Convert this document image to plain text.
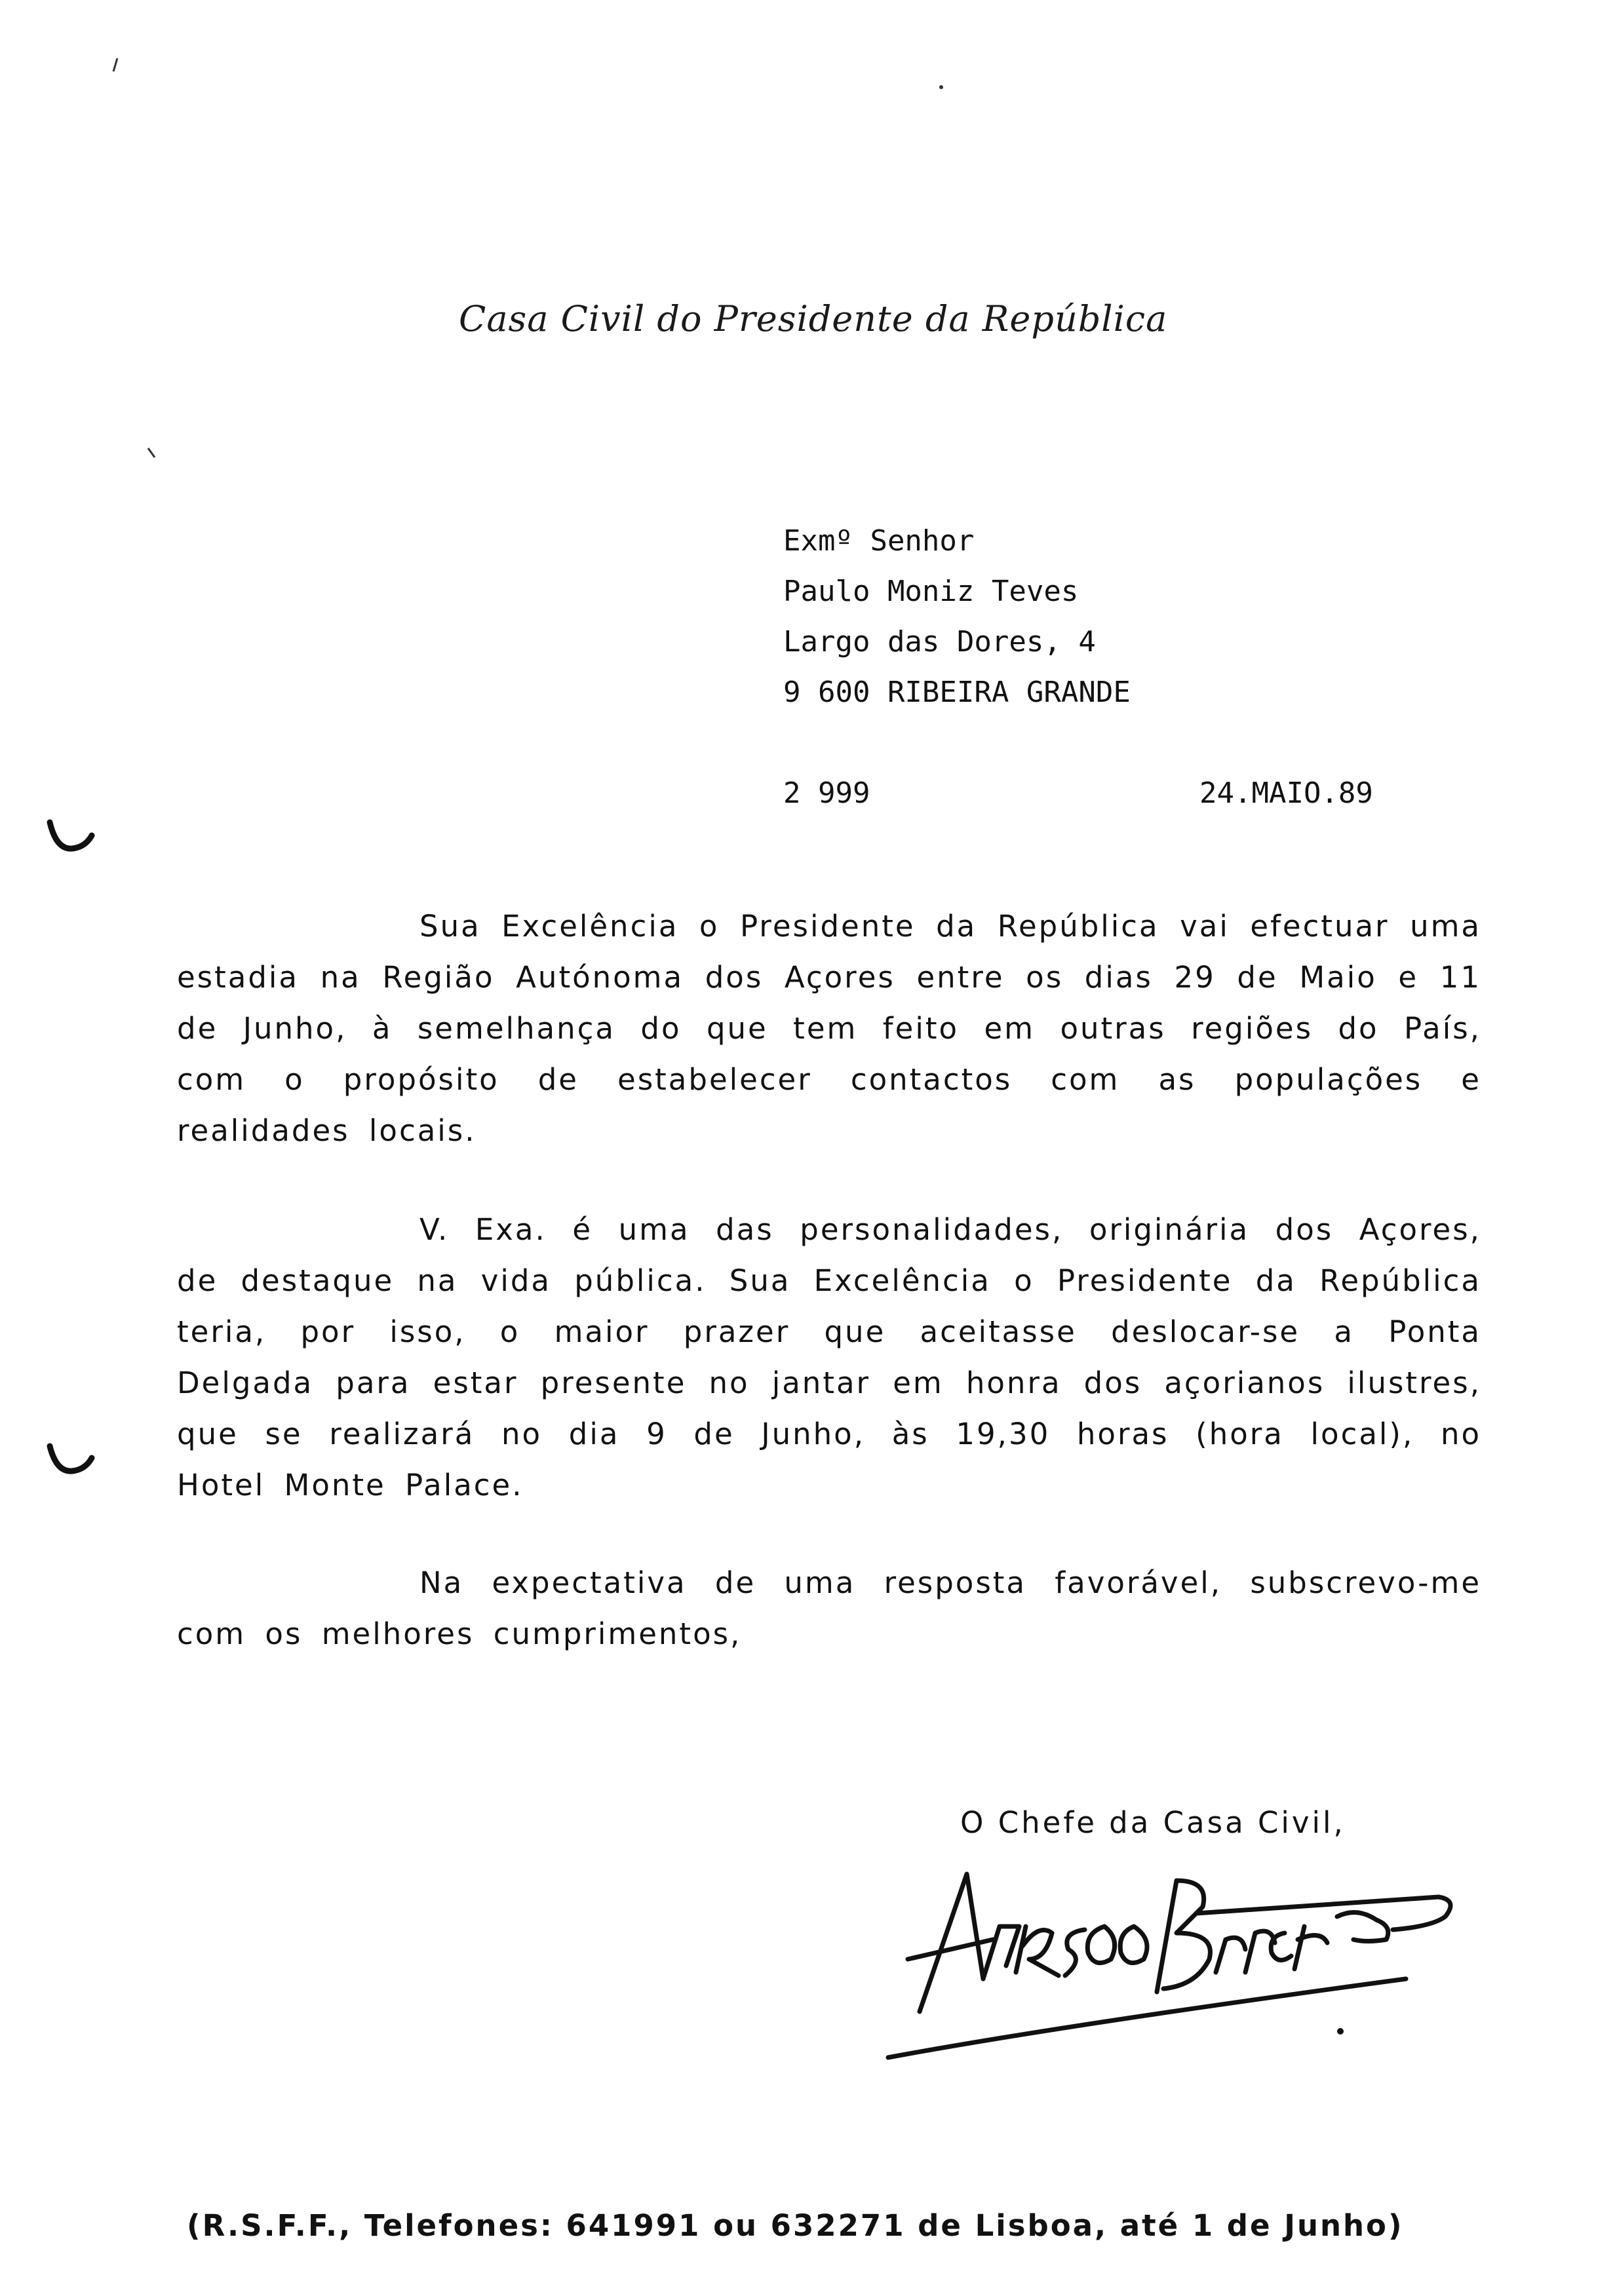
Casa Civil do Presidente da República
Exmº Senhor
Paulo Moniz Teves
Largo das Dores, 4
9 600 RIBEIRA GRANDE
2 999	24.MAIO.89

Sua Excelência o Presidente da República vai efectuar uma estadia na Região Autónoma dos Açores entre os dias 29 de Maio e 11 de Junho, à semelhança do que tem feito em outras regiões do País, com o propósito de estabelecer contactos com as populações e realidades locais.

V. Exa. é uma das personalidades, originária dos Açores, de destaque na vida pública. Sua Excelência o Presidente da República teria, por isso, o maior prazer que aceitasse deslocar-se a Ponta Delgada para estar presente no jantar em honra dos açorianos ilustres, que se realizará no dia 9 de Junho, às 19,30 horas (hora local), no Hotel Monte Palace.

Na expectativa de uma resposta favorável, subscrevo-me com os melhores cumprimentos,

O Chefe da Casa Civil,
(R.S.F.F., Telefones: 641991 ou 632271 de Lisboa, até 1 de Junho)
